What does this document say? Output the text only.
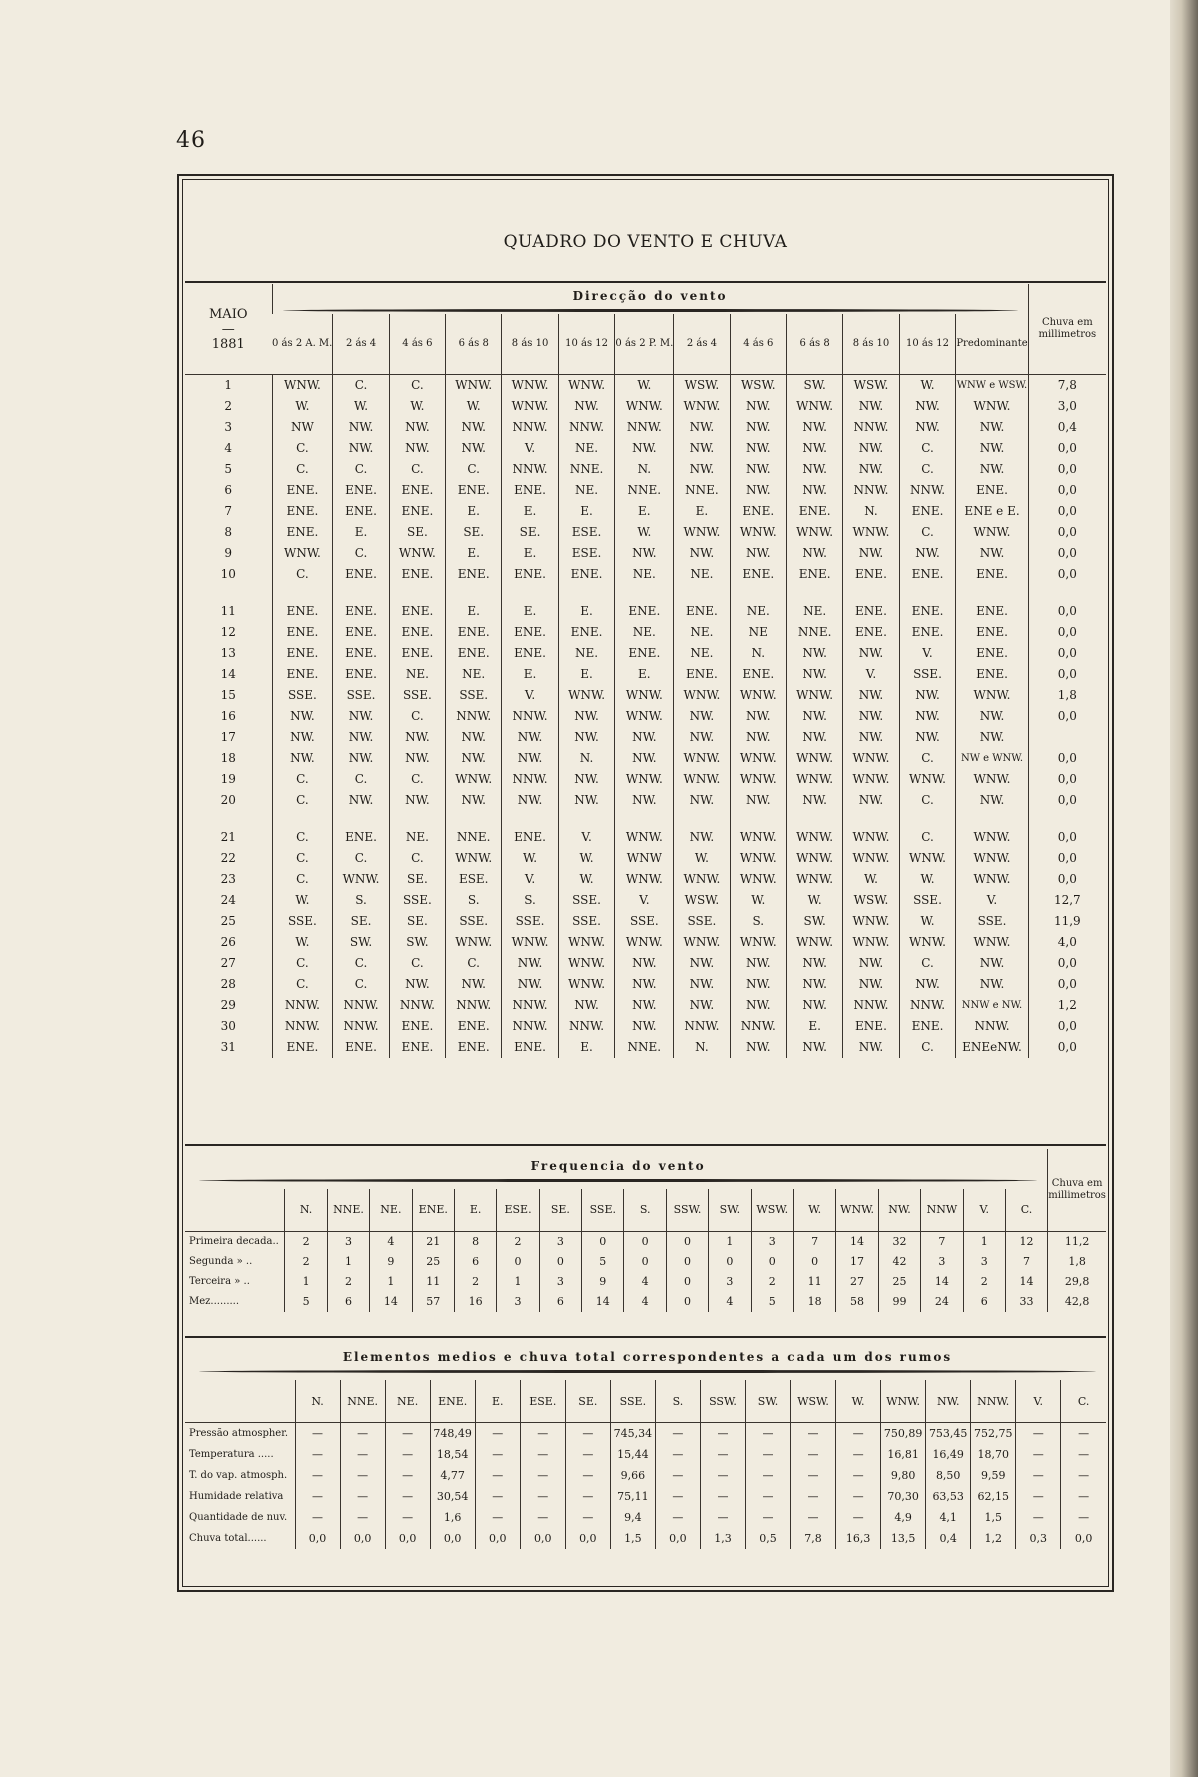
46
QUADRO DO VENTO E CHUVA
MAIO
—
1881	Direcção do vento													Chuva em millimetros
	0 ás 2 A. M.	2 ás 4	4 ás 6	6 ás 8	8 ás 10	10 ás 12	0 ás 2 P. M.	2 ás 4	4 ás 6	6 ás 8	8 ás 10	10 ás 12	Predominante	
1	WNW.	C.	C.	WNW.	WNW.	WNW.	W.	WSW.	WSW.	SW.	WSW.	W.	WNW e WSW.	7,8
2	W.	W.	W.	W.	WNW.	NW.	WNW.	WNW.	NW.	WNW.	NW.	NW.	WNW.	3,0
3	NW	NW.	NW.	NW.	NNW.	NNW.	NNW.	NW.	NW.	NW.	NNW.	NW.	NW.	0,4
4	C.	NW.	NW.	NW.	V.	NE.	NW.	NW.	NW.	NW.	NW.	C.	NW.	0,0
5	C.	C.	C.	C.	NNW.	NNE.	N.	NW.	NW.	NW.	NW.	C.	NW.	0,0
6	ENE.	ENE.	ENE.	ENE.	ENE.	NE.	NNE.	NNE.	NW.	NW.	NNW.	NNW.	ENE.	0,0
7	ENE.	ENE.	ENE.	E.	E.	E.	E.	E.	ENE.	ENE.	N.	ENE.	ENE e E.	0,0
8	ENE.	E.	SE.	SE.	SE.	ESE.	W.	WNW.	WNW.	WNW.	WNW.	C.	WNW.	0,0
9	WNW.	C.	WNW.	E.	E.	ESE.	NW.	NW.	NW.	NW.	NW.	NW.	NW.	0,0
10	C.	ENE.	ENE.	ENE.	ENE.	ENE.	NE.	NE.	ENE.	ENE.	ENE.	ENE.	ENE.	0,0

11	ENE.	ENE.	ENE.	E.	E.	E.	ENE.	ENE.	NE.	NE.	ENE.	ENE.	ENE.	0,0
12	ENE.	ENE.	ENE.	ENE.	ENE.	ENE.	NE.	NE.	NE	NNE.	ENE.	ENE.	ENE.	0,0
13	ENE.	ENE.	ENE.	ENE.	ENE.	NE.	ENE.	NE.	N.	NW.	NW.	V.	ENE.	0,0
14	ENE.	ENE.	NE.	NE.	E.	E.	E.	ENE.	ENE.	NW.	V.	SSE.	ENE.	0,0
15	SSE.	SSE.	SSE.	SSE.	V.	WNW.	WNW.	WNW.	WNW.	WNW.	NW.	NW.	WNW.	1,8
16	NW.	NW.	C.	NNW.	NNW.	NW.	WNW.	NW.	NW.	NW.	NW.	NW.	NW.	0,0
17	NW.	NW.	NW.	NW.	NW.	NW.	NW.	NW.	NW.	NW.	NW.	NW.	NW.	
18	NW.	NW.	NW.	NW.	NW.	N.	NW.	WNW.	WNW.	WNW.	WNW.	C.	NW e WNW.	0,0
19	C.	C.	C.	WNW.	NNW.	NW.	WNW.	WNW.	WNW.	WNW.	WNW.	WNW.	WNW.	0,0
20	C.	NW.	NW.	NW.	NW.	NW.	NW.	NW.	NW.	NW.	NW.	C.	NW.	0,0

21	C.	ENE.	NE.	NNE.	ENE.	V.	WNW.	NW.	WNW.	WNW.	WNW.	C.	WNW.	0,0
22	C.	C.	C.	WNW.	W.	W.	WNW	W.	WNW.	WNW.	WNW.	WNW.	WNW.	0,0
23	C.	WNW.	SE.	ESE.	V.	W.	WNW.	WNW.	WNW.	WNW.	W.	W.	WNW.	0,0
24	W.	S.	SSE.	S.	S.	SSE.	V.	WSW.	W.	W.	WSW.	SSE.	V.	12,7
25	SSE.	SE.	SE.	SSE.	SSE.	SSE.	SSE.	SSE.	S.	SW.	WNW.	W.	SSE.	11,9
26	W.	SW.	SW.	WNW.	WNW.	WNW.	WNW.	WNW.	WNW.	WNW.	WNW.	WNW.	WNW.	4,0
27	C.	C.	C.	C.	NW.	WNW.	NW.	NW.	NW.	NW.	NW.	C.	NW.	0,0
28	C.	C.	NW.	NW.	NW.	WNW.	NW.	NW.	NW.	NW.	NW.	NW.	NW.	0,0
29	NNW.	NNW.	NNW.	NNW.	NNW.	NW.	NW.	NW.	NW.	NW.	NNW.	NNW.	NNW e NW.	1,2
30	NNW.	NNW.	ENE.	ENE.	NNW.	NNW.	NW.	NNW.	NNW.	E.	ENE.	ENE.	NNW.	0,0
31	ENE.	ENE.	ENE.	ENE.	ENE.	E.	NNE.	N.	NW.	NW.	NW.	C.	ENEeNW.	0,0
Frequencia do vento																			Chuva em millimetros
	N.	NNE.	NE.	ENE.	E.	ESE.	SE.	SSE.	S.	SSW.	SW.	WSW.	W.	WNW.	NW.	NNW	V.	C.	
Primeira decada..	2	3	4	21	8	2	3	0	0	0	1	3	7	14	32	7	1	12	11,2
Segunda » ..	2	1	9	25	6	0	0	5	0	0	0	0	0	17	42	3	3	7	1,8
Terceira » ..	1	2	1	11	2	1	3	9	4	0	3	2	11	27	25	14	2	14	29,8
Mez.........	5	6	14	57	16	3	6	14	4	0	4	5	18	58	99	24	6	33	42,8
Elementos medios e chuva total correspondentes a cada um dos rumos																		

	N.	NNE.	NE.	ENE.	E.	ESE.	SE.	SSE.	S.	SSW.	SW.	WSW.	W.	WNW.	NW.	NNW.	V.	C.
Pressão atmospher.	—	—	—	748,49	—	—	—	745,34	—	—	—	—	—	750,89	753,45	752,75	—	—
Temperatura .....	—	—	—	18,54	—	—	—	15,44	—	—	—	—	—	16,81	16,49	18,70	—	—
T. do vap. atmosph.	—	—	—	4,77	—	—	—	9,66	—	—	—	—	—	9,80	8,50	9,59	—	—
Humidade relativa	—	—	—	30,54	—	—	—	75,11	—	—	—	—	—	70,30	63,53	62,15	—	—
Quantidade de nuv.	—	—	—	1,6	—	—	—	9,4	—	—	—	—	—	4,9	4,1	1,5	—	—
Chuva total......	0,0	0,0	0,0	0,0	0,0	0,0	0,0	1,5	0,0	1,3	0,5	7,8	16,3	13,5	0,4	1,2	0,3	0,0
